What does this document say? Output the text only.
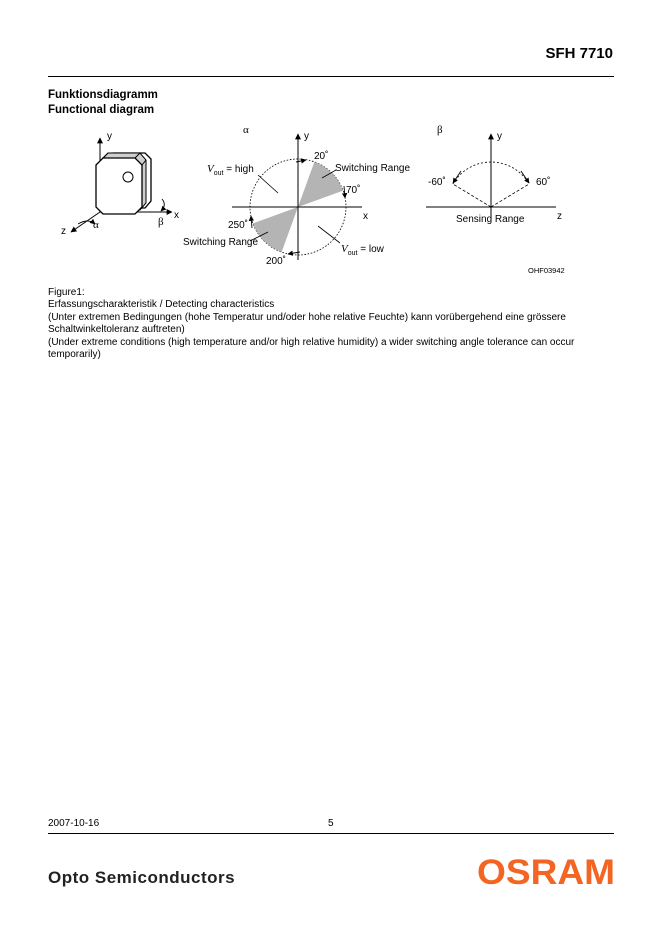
SFH 7710
Funktionsdiagramm
Functional diagram
y
x
z
α	β
α
y
x
20˚
Switching Range
70˚
250˚
Switching Range
200˚
$V_{out}$ = high
$V_{out}$ = low
OHF03942
β
y
z
-60˚	60˚
Sensing Range
Figure1:
Erfassungscharakteristik / Detecting characteristics
(Unter extremen Bedingungen (hohe Temperatur und/oder hohe relative Feuchte) kann vorübergehend eine grössere
Schaltwinkeltoleranz auftreten)
(Under extreme conditions (high temperature and/or high relative humidity) a wider switching angle tolerance can occur
temporarily)
2007-10-16	5
Opto Semiconductors	OSRAM
